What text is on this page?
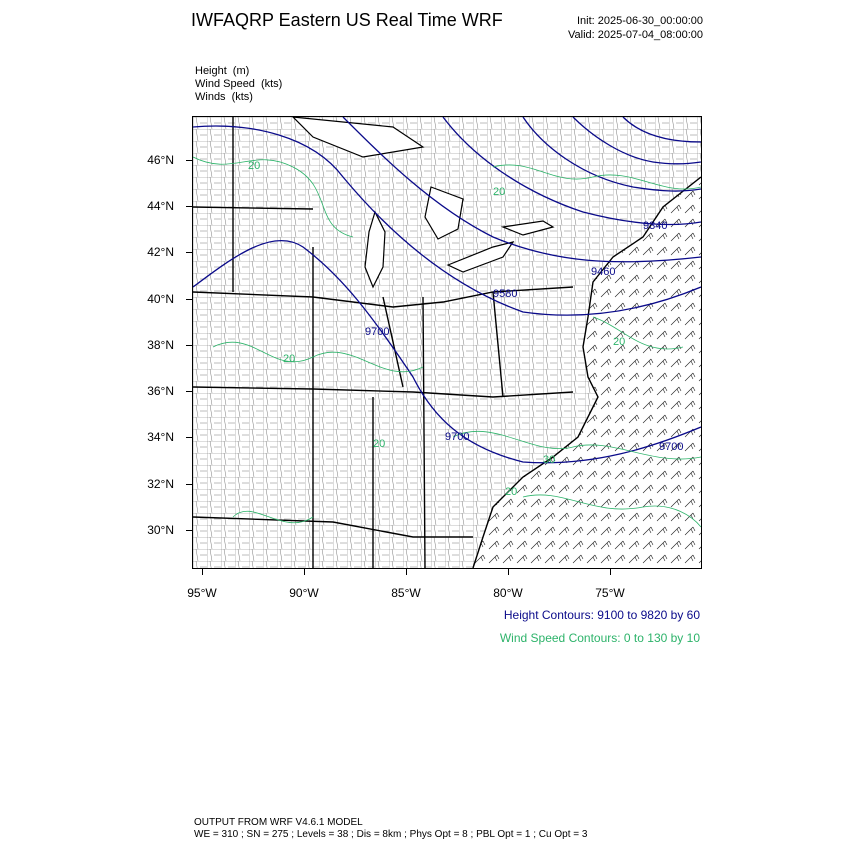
IWFAQRP Eastern US Real Time WRF	Init: 2025-06-30_00:00:00
Valid: 2025-07-04_08:00:00
Height (m)
Wind Speed (kts)
Winds (kts)
9700
9580
9460
9340
9700
9700
20
20
20
20
20
30
20
46°N
44°N
42°N
40°N
38°N
36°N
34°N
32°N
30°N
95°W	90°W	85°W	80°W	75°W
Height Contours: 9100 to 9820 by 60
Wind Speed Contours: 0 to 130 by 10
OUTPUT FROM WRF V4.6.1 MODEL
WE = 310 ; SN = 275 ; Levels = 38 ; Dis = 8km ; Phys Opt = 8 ; PBL Opt = 1 ; Cu Opt = 3
